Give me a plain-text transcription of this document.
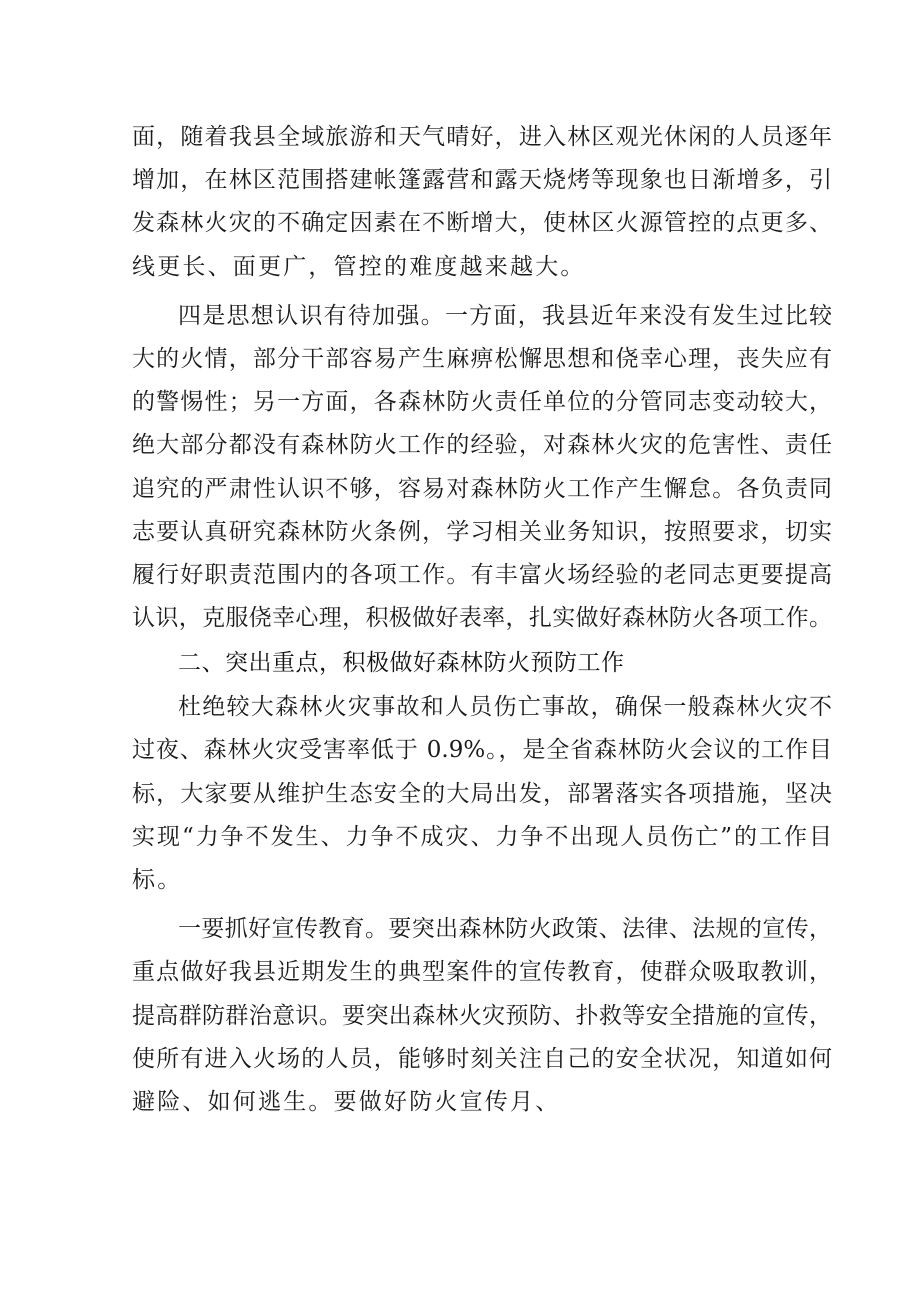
面，随着我县全域旅游和天气晴好，进入林区观光休闲的人员逐年
增加，在林区范围搭建帐篷露营和露天烧烤等现象也日渐增多，引
发森林火灾的不确定因素在不断增大，使林区火源管控的点更多、
线更长、面更广，管控的难度越来越大。
四是思想认识有待加强。一方面，我县近年来没有发生过比较
大的火情，部分干部容易产生麻痹松懈思想和侥幸心理，丧失应有
的警惕性；另一方面，各森林防火责任单位的分管同志变动较大，
绝大部分都没有森林防火工作的经验，对森林火灾的危害性、责任
追究的严肃性认识不够，容易对森林防火工作产生懈怠。各负责同
志要认真研究森林防火条例，学习相关业务知识，按照要求，切实
履行好职责范围内的各项工作。有丰富火场经验的老同志更要提高
认识，克服侥幸心理，积极做好表率，扎实做好森林防火各项工作。
二、突出重点，积极做好森林防火预防工作
杜绝较大森林火灾事故和人员伤亡事故，确保一般森林火灾不
过夜、森林火灾受害率低于 0.9%。，是全省森林防火会议的工作目
标，大家要从维护生态安全的大局出发，部署落实各项措施，坚决
实现“力争不发生、力争不成灾、力争不出现人员伤亡”的工作目
标。
一要抓好宣传教育。要突出森林防火政策、法律、法规的宣传，
重点做好我县近期发生的典型案件的宣传教育，使群众吸取教训，
提高群防群治意识。要突出森林火灾预防、扑救等安全措施的宣传，
使所有进入火场的人员，能够时刻关注自己的安全状况，知道如何
避险、如何逃生。要做好防火宣传月、
